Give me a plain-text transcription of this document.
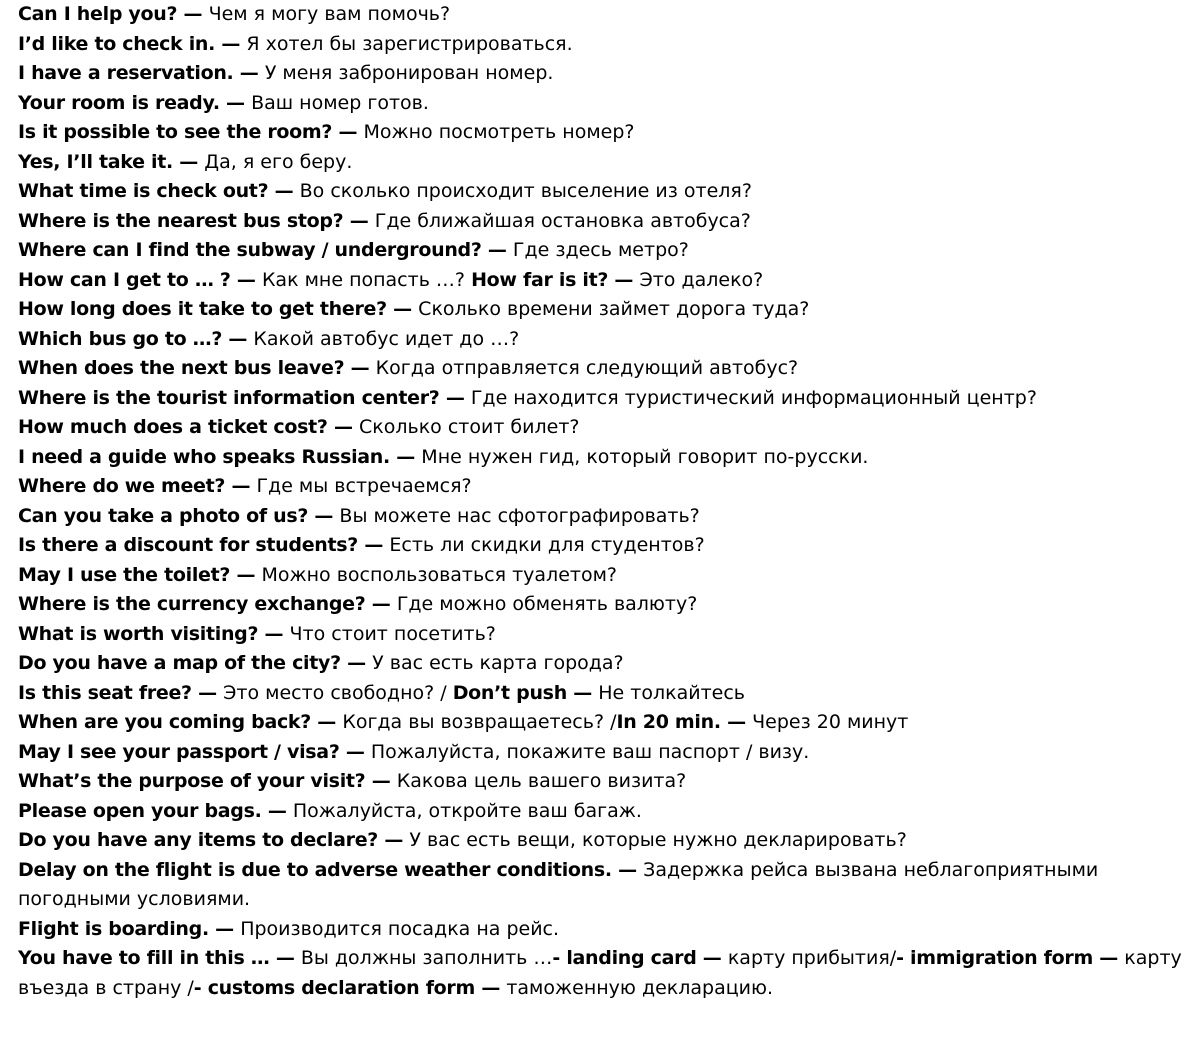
Can I help you? — Чем я могу вам помочь?
I’d like to check in. — Я хотел бы зарегистрироваться.
I have a reservation. — У меня забронирован номер.
Your room is ready. — Ваш номер готов.
Is it possible to see the room? — Можно посмотреть номер?
Yes, I’ll take it. — Да, я его беру.
What time is check out? — Во сколько происходит выселение из отеля?
Where is the nearest bus stop? — Где ближайшая остановка автобуса?
Where can I find the subway / underground? — Где здесь метро?
How can I get to … ? — Как мне попасть …? How far is it? — Это далеко?
How long does it take to get there? — Сколько времени займет дорога туда?
Which bus go to …? — Какой автобус идет до …?
When does the next bus leave? — Когда отправляется следующий автобус?
Where is the tourist information center? — Где находится туристический информационный центр?
How much does a ticket cost? — Сколько стоит билет?
I need a guide who speaks Russian. — Мне нужен гид, который говорит по-русски.
Where do we meet? — Где мы встречаемся?
Can you take a photo of us? — Вы можете нас сфотографировать?
Is there a discount for students? — Есть ли скидки для студентов?
May I use the toilet? — Можно воспользоваться туалетом?
Where is the currency exchange? — Где можно обменять валюту?
What is worth visiting? — Что стоит посетить?
Do you have a map of the city? — У вас есть карта города?
Is this seat free? — Это место свободно? / Don’t push — Не толкайтесь
When are you coming back? — Когда вы возвращаетесь? /In 20 min. — Через 20 минут
May I see your passport / visa? — Пожалуйста, покажите ваш паспорт / визу.
What’s the purpose of your visit? — Какова цель вашего визита?
Please open your bags. — Пожалуйста, откройте ваш багаж.
Do you have any items to declare? — У вас есть вещи, которые нужно декларировать?
Delay on the flight is due to adverse weather conditions. — Задержка рейса вызвана неблагоприятными погодными условиями.
Flight is boarding. — Производится посадка на рейс.
You have to fill in this … — Вы должны заполнить …- landing card — карту прибытия/- immigration form — карту въезда в страну /- customs declaration form — таможенную декларацию.
